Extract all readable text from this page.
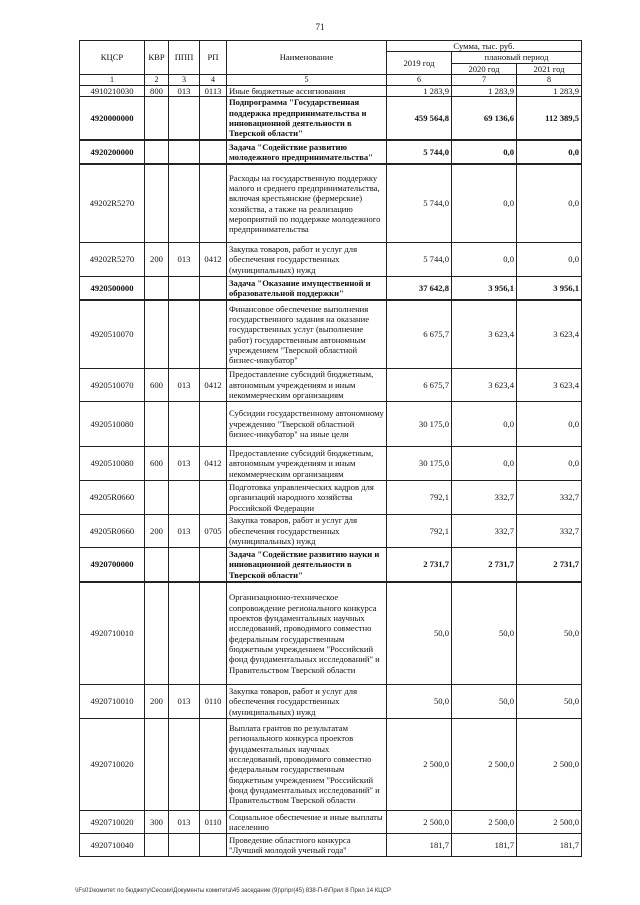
71
КЦСР	КВР	ППП	РП	Наименование	Сумма, тыс. руб.		
					2019 год	плановый период	
						2020 год	2021 год
1	2	3	4	5	6	7	8
4910210030	800	013	0113	Иные бюджетные ассигнования	1 283,9	1 283,9	1 283,9
4920000000				Подпрограмма "Государственная поддержка предпринимательства и инновационной деятельности в Тверской области"	459 564,8	69 136,6	112 389,5
4920200000				Задача "Содействие развитию молодежного предпринимательства"	5 744,0	0,0	0,0
49202R5270				Расходы на государственную поддержку малого и среднего предпринимательства, включая крестьянские (фермерские) хозяйства, а также на реализацию мероприятий по поддержке молодежного предпринимательства	5 744,0	0,0	0,0
49202R5270	200	013	0412	Закупка товаров, работ и услуг для обеспечения государственных (муниципальных) нужд	5 744,0	0,0	0,0
4920500000				Задача "Оказание имущественной и образовательной поддержки"	37 642,8	3 956,1	3 956,1
4920510070				Финансовое обеспечение выполнения государственного задания на оказание государственных услуг (выполнение работ) государственным автономным учреждением "Тверской областной бизнес-инкубатор"	6 675,7	3 623,4	3 623,4
4920510070	600	013	0412	Предоставление субсидий бюджетным, автономным учреждениям и иным некоммерческим организациям	6 675,7	3 623,4	3 623,4
4920510080				Субсидии государственному автономному учреждению "Тверской областной бизнес-инкубатор" на иные цели	30 175,0	0,0	0,0
4920510080	600	013	0412	Предоставление субсидий бюджетным, автономным учреждениям и иным некоммерческим организациям	30 175,0	0,0	0,0
49205R0660				Подготовка управленческих кадров для организаций народного хозяйства Российской Федерации	792,1	332,7	332,7
49205R0660	200	013	0705	Закупка товаров, работ и услуг для обеспечения государственных (муниципальных) нужд	792,1	332,7	332,7
4920700000				Задача "Содействие развитию науки и инновационной деятельности в Тверской области"	2 731,7	2 731,7	2 731,7
4920710010				Организационно-техническое сопровождение регионального конкурса проектов фундаментальных научных исследований, проводимого совместно федеральным государственным бюджетным учреждением "Российский фонд фундаментальных исследований" и Правительством Тверской области	50,0	50,0	50,0
4920710010	200	013	0110	Закупка товаров, работ и услуг для обеспечения государственных (муниципальных) нужд	50,0	50,0	50,0
4920710020				Выплата грантов по результатам регионального конкурса проектов фундаментальных научных исследований, проводимого совместно федеральным государственным бюджетным учреждением "Российский фонд фундаментальных исследований" и Правительством Тверской области	2 500,0	2 500,0	2 500,0
4920710020	300	013	0110	Социальное обеспечение и иные выплаты населению	2 500,0	2 500,0	2 500,0
4920710040				Проведение областного конкурса "Лучший молодой ученый года"	181,7	181,7	181,7
\\Fs01\комитет по бюджету\Сессии\Документы комитета\45 заседание (9)\pr\pr(45) 838-П-6\Прил 8 Прил 14 КЦСР
